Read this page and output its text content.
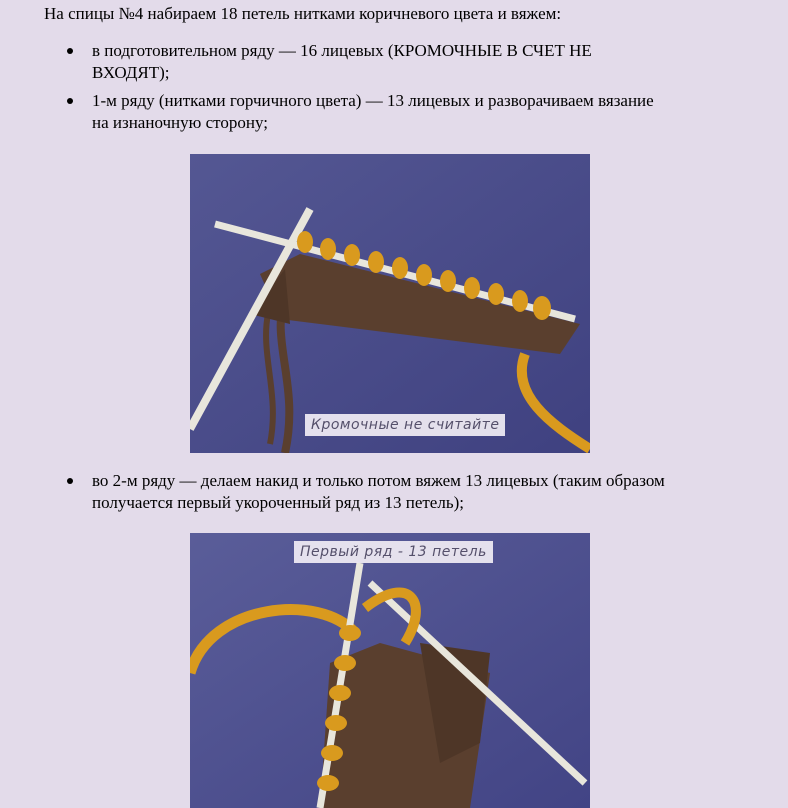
На спицы №4 набираем 18 петель нитками коричневого цвета и вяжем:

в подготовительном ряду — 16 лицевых (КРОМОЧНЫЕ В СЧЕТ НЕ
ВХОДЯТ);
1-м ряду (нитками горчичного цвета) — 13 лицевых и разворачиваем вязание
на изнаночную сторону;
во 2-м ряду — делаем накид и только потом вяжем 13 лицевых (таким образом
получается первый укороченный ряд из 13 петель);
Кромочные не считайте
Первый ряд - 13 петель
